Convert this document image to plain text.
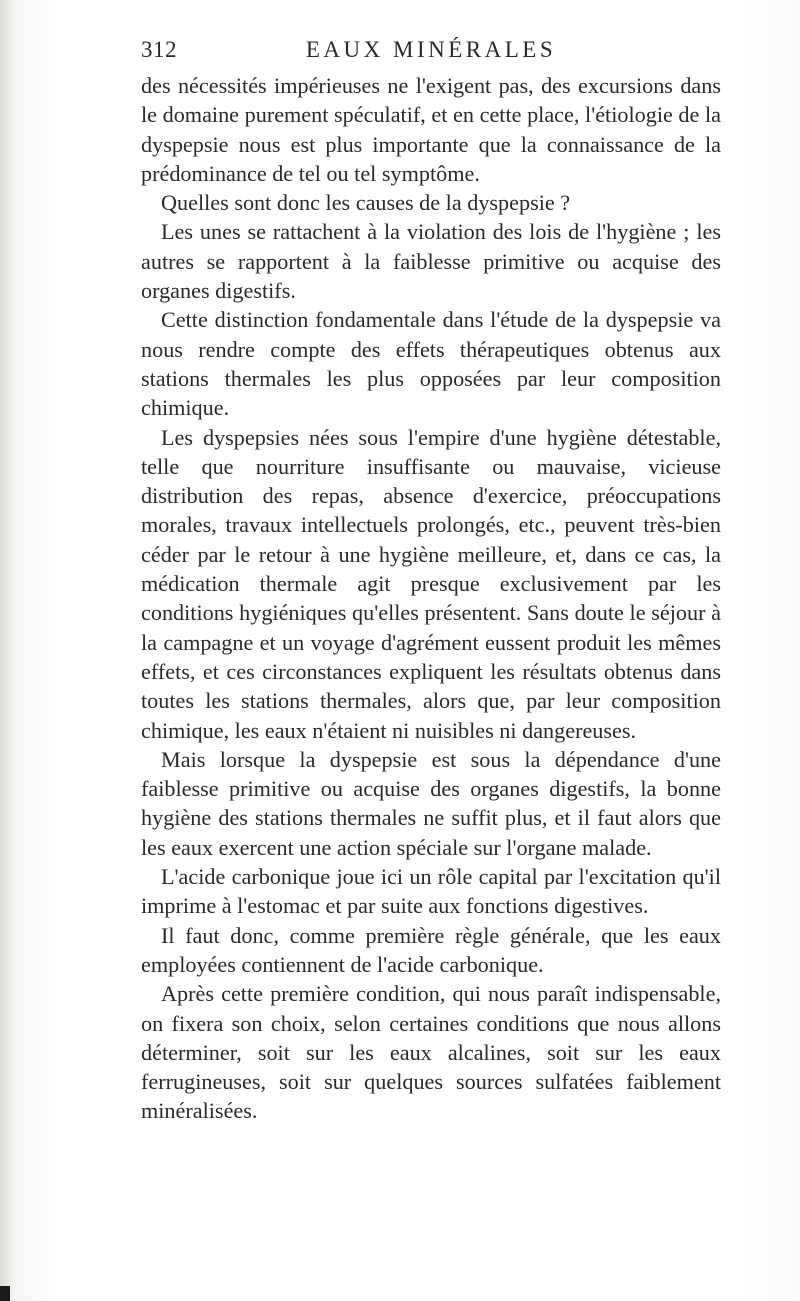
312	EAUX MINÉRALES

des nécessités impérieuses ne l'exigent pas, des excursions dans le domaine purement spéculatif, et en cette place, l'étiologie de la dyspepsie nous est plus importante que la connaissance de la prédominance de tel ou tel symptôme.

Quelles sont donc les causes de la dyspepsie ?

Les unes se rattachent à la violation des lois de l'hygiène ; les autres se rapportent à la faiblesse primitive ou acquise des organes digestifs.

Cette distinction fondamentale dans l'étude de la dyspepsie va nous rendre compte des effets thérapeutiques obtenus aux stations thermales les plus opposées par leur composition chimique.

Les dyspepsies nées sous l'empire d'une hygiène détestable, telle que nourriture insuffisante ou mauvaise, vicieuse distribution des repas, absence d'exercice, préoccupations morales, travaux intellectuels prolongés, etc., peuvent très-bien céder par le retour à une hygiène meilleure, et, dans ce cas, la médication thermale agit presque exclusivement par les conditions hygiéniques qu'elles présentent. Sans doute le séjour à la campagne et un voyage d'agrément eussent produit les mêmes effets, et ces circonstances expliquent les résultats obtenus dans toutes les stations thermales, alors que, par leur composition chimique, les eaux n'étaient ni nuisibles ni dangereuses.

Mais lorsque la dyspepsie est sous la dépendance d'une faiblesse primitive ou acquise des organes digestifs, la bonne hygiène des stations thermales ne suffit plus, et il faut alors que les eaux exercent une action spéciale sur l'organe malade.

L'acide carbonique joue ici un rôle capital par l'excitation qu'il imprime à l'estomac et par suite aux fonctions digestives.

Il faut donc, comme première règle générale, que les eaux employées contiennent de l'acide carbonique.

Après cette première condition, qui nous paraît indispensable, on fixera son choix, selon certaines conditions que nous allons déterminer, soit sur les eaux alcalines, soit sur les eaux ferrugineuses, soit sur quelques sources sulfatées faiblement minéralisées.
